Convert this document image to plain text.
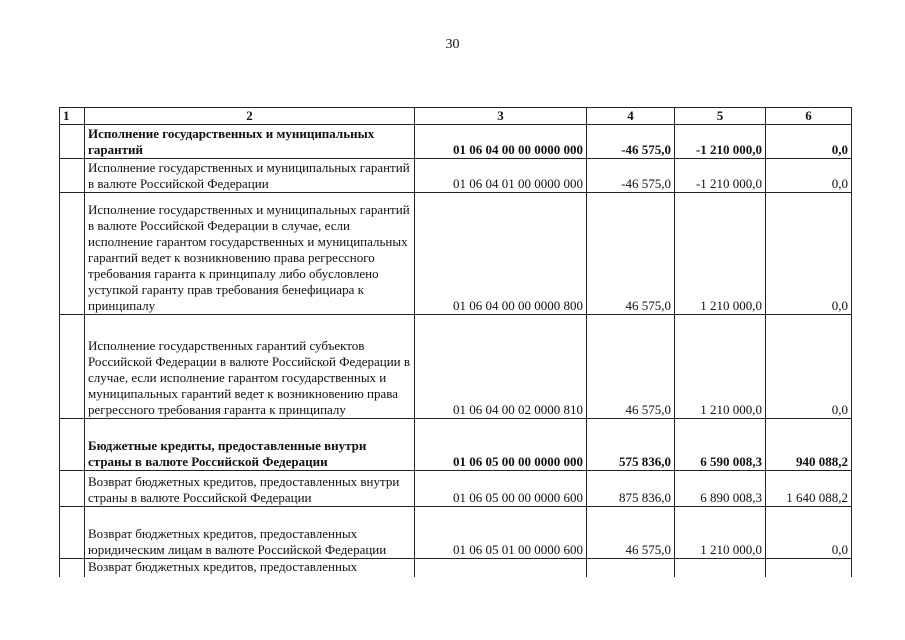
30
1	2	3	4	5	6
	Исполнение государственных и муниципальных гарантий	01 06 04 00 00 0000 000	-46 575,0	-1 210 000,0	0,0
	Исполнение государственных и муниципальных гарантий в валюте Российской Федерации	01 06 04 01 00 0000 000	-46 575,0	-1 210 000,0	0,0
	Исполнение государственных и муниципальных гарантий в валюте Российской Федерации в случае, если исполнение гарантом государственных и муниципальных гарантий ведет к возникновению права регрессного требования гаранта к принципалу либо обусловлено уступкой гаранту прав требования бенефициара к принципалу	01 06 04 00 00 0000 800	46 575,0	1 210 000,0	0,0
	Исполнение государственных гарантий субъектов Российской Федерации в валюте Российской Федерации в случае, если исполнение гарантом государственных и муниципальных гарантий ведет к возникновению права регрессного требования гаранта к принципалу	01 06 04 00 02 0000 810	46 575,0	1 210 000,0	0,0
	Бюджетные кредиты, предоставленные внутри страны в валюте Российской Федерации	01 06 05 00 00 0000 000	575 836,0	6 590 008,3	940 088,2
	Возврат бюджетных кредитов, предоставленных внутри страны в валюте Российской Федерации	01 06 05 00 00 0000 600	875 836,0	6 890 008,3	1 640 088,2
	Возврат бюджетных кредитов, предоставленных юридическим лицам в валюте Российской Федерации	01 06 05 01 00 0000 600	46 575,0	1 210 000,0	0,0
	Возврат бюджетных кредитов, предоставленных				
